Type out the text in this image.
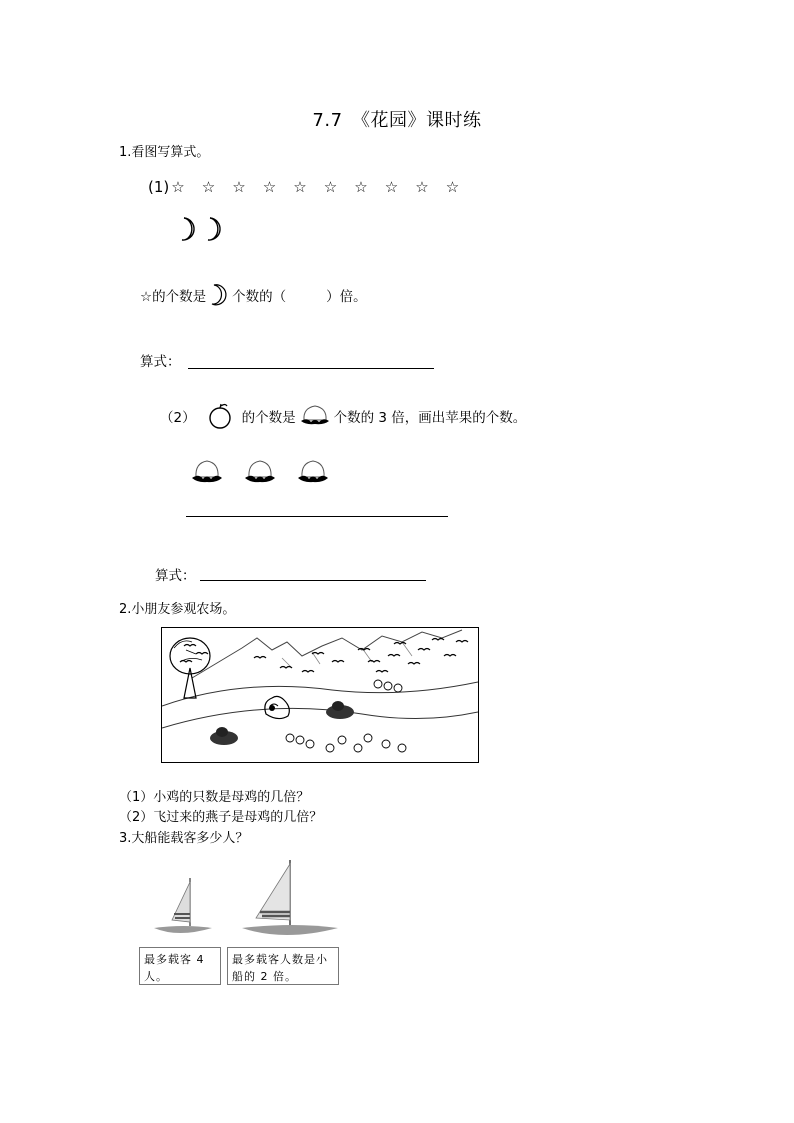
7.7　《花园》课时练
1.看图写算式。
(1) ☆ ☆ ☆ ☆ ☆ ☆ ☆ ☆ ☆ ☆
☆的个数是 个数的（	）倍。
算式：
（2）	的个数是	个数的 3 倍，画出苹果的个数。
算式：
2.小朋友参观农场。
（1）小鸡的只数是母鸡的几倍？
（2）飞过来的燕子是母鸡的几倍？
3.大船能载客多少人？
最多载客 4 人。
最多载客人数是小船的 2 倍。
